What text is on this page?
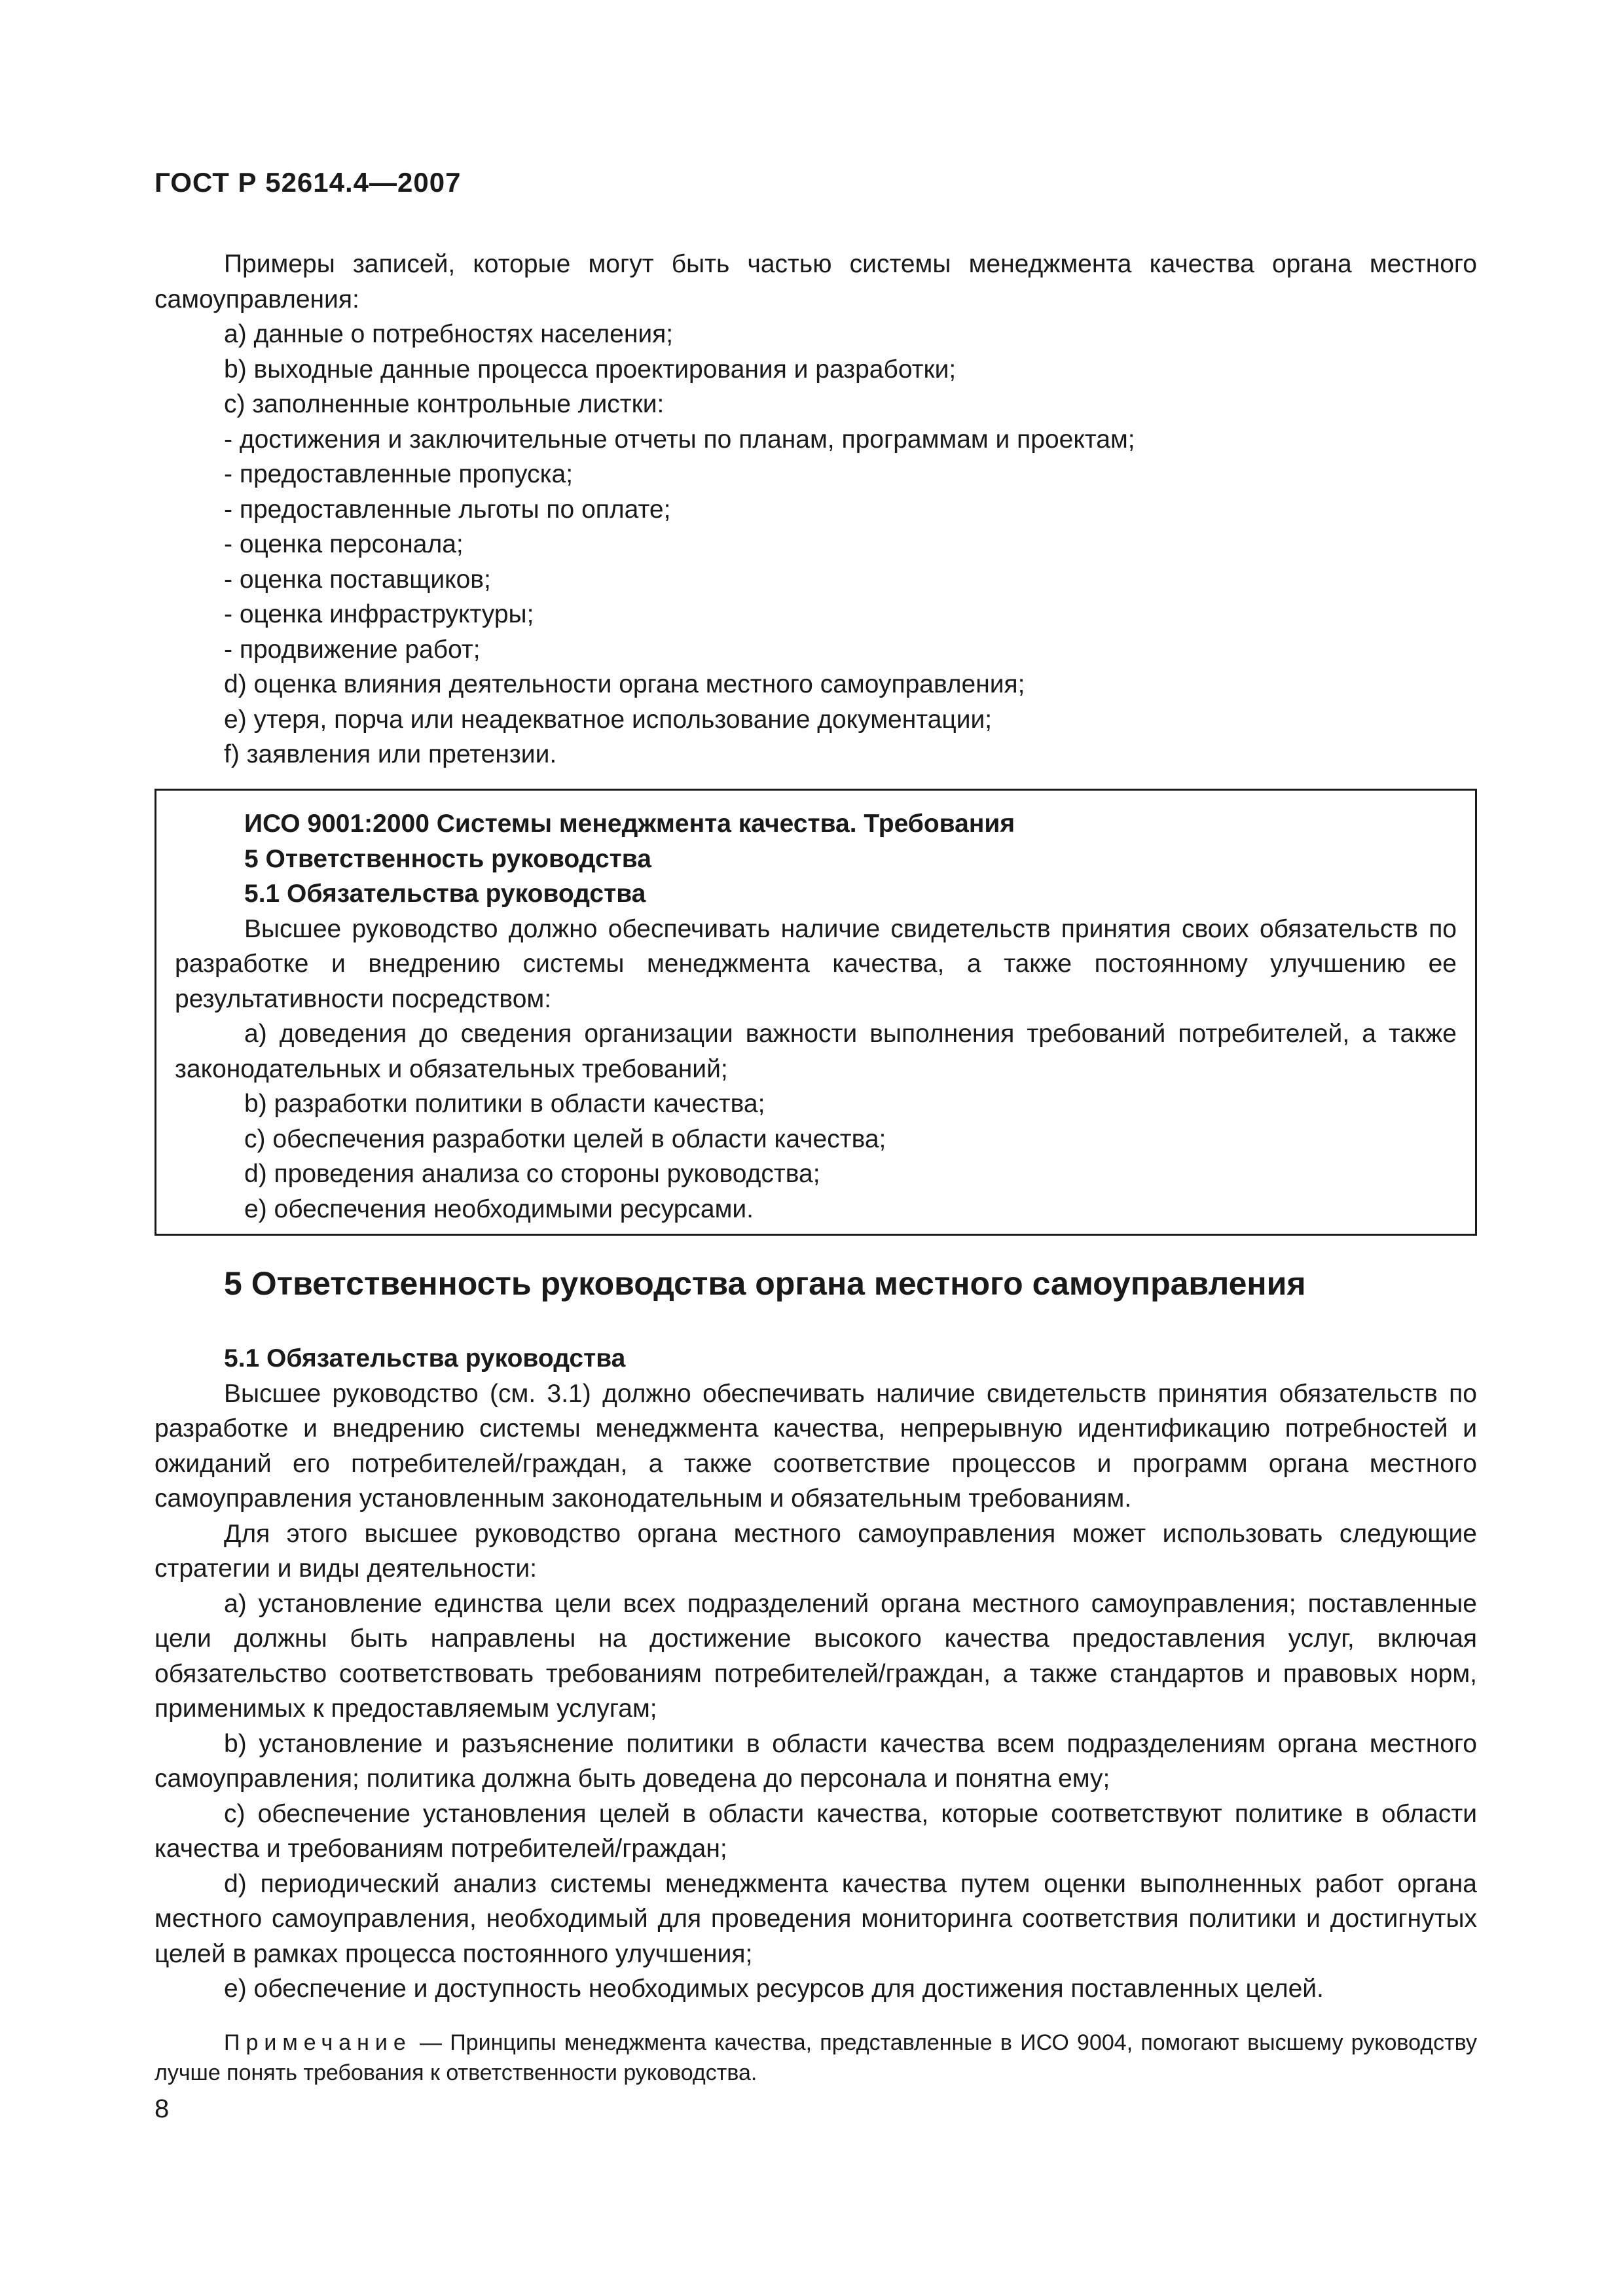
ГОСТ Р 52614.4—2007

Примеры записей, которые могут быть частью системы менеджмента качества органа местного самоуправления:

a) данные о потребностях населения;

b) выходные данные процесса проектирования и разработки;

c) заполненные контрольные листки:

- достижения и заключительные отчеты по планам, программам и проектам;

- предоставленные пропуска;

- предоставленные льготы по оплате;

- оценка персонала;

- оценка поставщиков;

- оценка инфраструктуры;

- продвижение работ;

d) оценка влияния деятельности органа местного самоуправления;

e) утеря, порча или неадекватное использование документации;

f) заявления или претензии.

ИСО 9001:2000 Системы менеджмента качества. Требования

5 Ответственность руководства

5.1 Обязательства руководства

Высшее руководство должно обеспечивать наличие свидетельств принятия своих обязательств по разработке и внедрению системы менеджмента качества, а также постоянному улучшению ее результативности посредством:

a) доведения до сведения организации важности выполнения требований потребителей, а также законодательных и обязательных требований;

b) разработки политики в области качества;

c) обеспечения разработки целей в области качества;

d) проведения анализа со стороны руководства;

e) обеспечения необходимыми ресурсами.

5 Ответственность руководства органа местного самоуправления

5.1 Обязательства руководства

Высшее руководство (см. 3.1) должно обеспечивать наличие свидетельств принятия обязательств по разработке и внедрению системы менеджмента качества, непрерывную идентификацию потребностей и ожиданий его потребителей/граждан, а также соответствие процессов и программ органа местного самоуправления установленным законодательным и обязательным требованиям.

Для этого высшее руководство органа местного самоуправления может использовать следующие стратегии и виды деятельности:

a) установление единства цели всех подразделений органа местного самоуправления; поставленные цели должны быть направлены на достижение высокого качества предоставления услуг, включая обязательство соответствовать требованиям потребителей/граждан, а также стандартов и правовых норм, применимых к предоставляемым услугам;

b) установление и разъяснение политики в области качества всем подразделениям органа местного самоуправления; политика должна быть доведена до персонала и понятна ему;

c) обеспечение установления целей в области качества, которые соответствуют политике в области качества и требованиям потребителей/граждан;

d) периодический анализ системы менеджмента качества путем оценки выполненных работ органа местного самоуправления, необходимый для проведения мониторинга соответствия политики и достигнутых целей в рамках процесса постоянного улучшения;

e) обеспечение и доступность необходимых ресурсов для достижения поставленных целей.

Примечание — Принципы менеджмента качества, представленные в ИСО 9004, помогают высшему руководству лучше понять требования к ответственности руководства.
8
